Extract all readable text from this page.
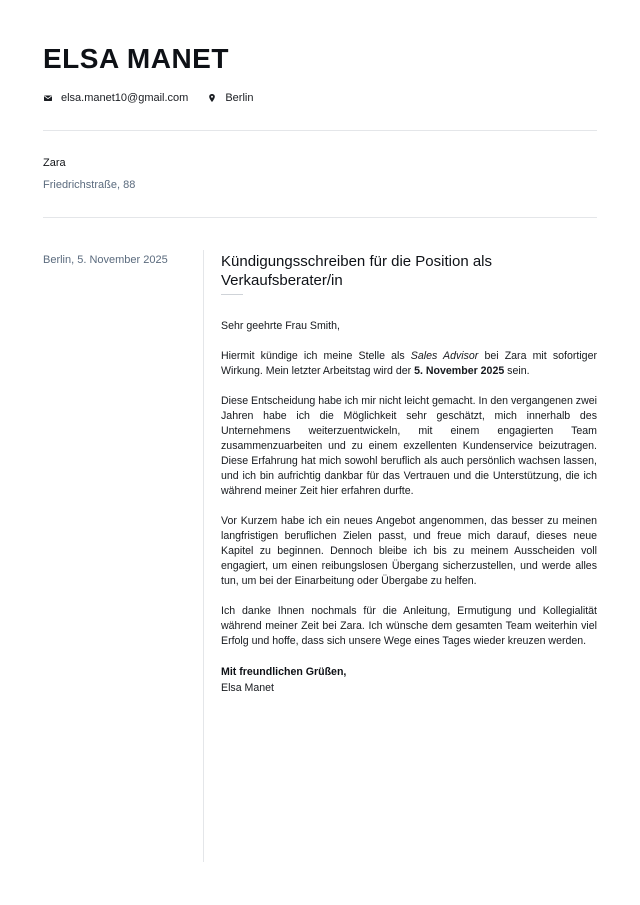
ELSA MANET
elsa.manet10@gmail.com	Berlin
Zara
Friedrichstraße, 88
Berlin, 5. November 2025	Kündigungsschreiben für die Position als Verkaufsberater/in

Sehr geehrte Frau Smith,

Hiermit kündige ich meine Stelle als Sales Advisor bei Zara mit sofortiger Wirkung. Mein letzter Arbeitstag wird der 5. November 2025 sein.

Diese Entscheidung habe ich mir nicht leicht gemacht. In den vergangenen zwei Jahren habe ich die Möglichkeit sehr geschätzt, mich innerhalb des Unternehmens weiterzuentwickeln, mit einem engagierten Team zusammenzuarbeiten und zu einem exzellenten Kundenservice beizutragen. Diese Erfahrung hat mich sowohl beruflich als auch persönlich wachsen lassen, und ich bin aufrichtig dankbar für das Vertrauen und die Unterstützung, die ich während meiner Zeit hier erfahren durfte.

Vor Kurzem habe ich ein neues Angebot angenommen, das besser zu meinen langfristigen beruflichen Zielen passt, und freue mich darauf, dieses neue Kapitel zu beginnen. Dennoch bleibe ich bis zu meinem Ausscheiden voll engagiert, um einen reibungslosen Übergang sicherzustellen, und werde alles tun, um bei der Einarbeitung oder Übergabe zu helfen.

Ich danke Ihnen nochmals für die Anleitung, Ermutigung und Kollegialität während meiner Zeit bei Zara. Ich wünsche dem gesamten Team weiterhin viel Erfolg und hoffe, dass sich unsere Wege eines Tages wieder kreuzen werden.

Mit freundlichen Grüßen,
Elsa Manet
